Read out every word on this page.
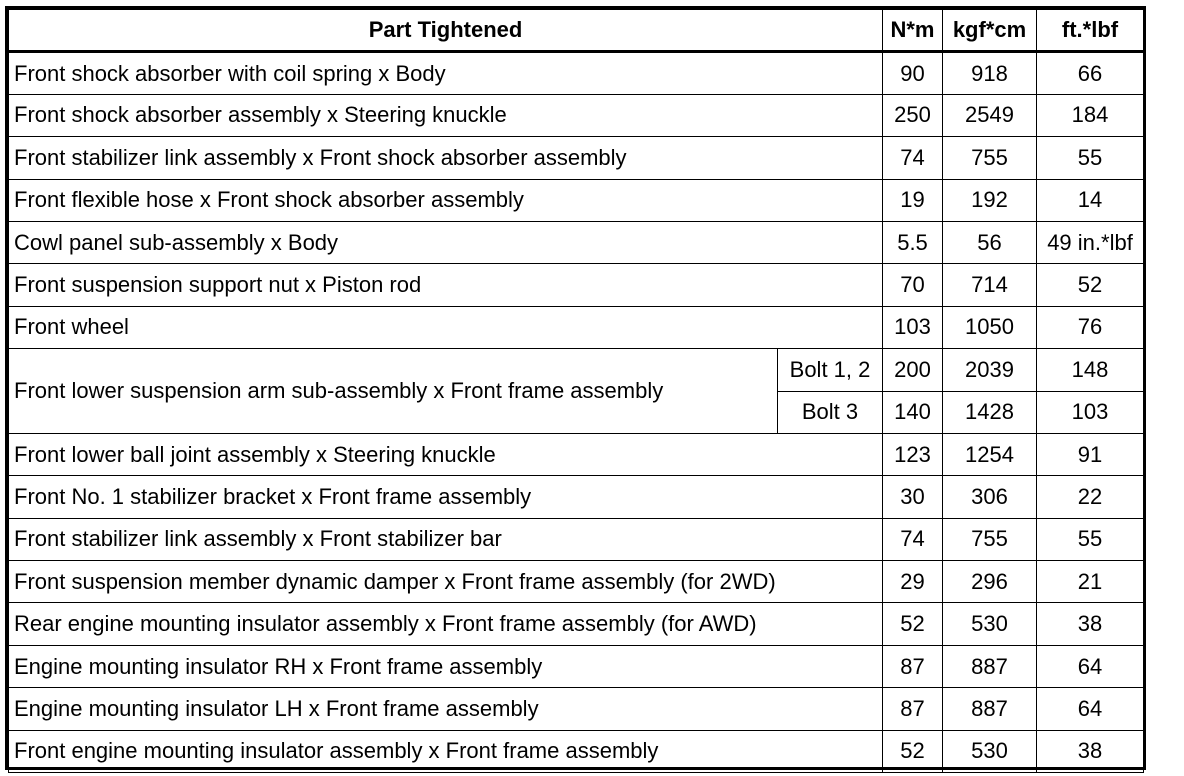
Part Tightened		N*m	kgf*cm	ft.*lbf
Front shock absorber with coil spring x Body		90	918	66
Front shock absorber assembly x Steering knuckle		250	2549	184
Front stabilizer link assembly x Front shock absorber assembly		74	755	55
Front flexible hose x Front shock absorber assembly		19	192	14
Cowl panel sub-assembly x Body		5.5	56	49 in.*lbf
Front suspension support nut x Piston rod		70	714	52
Front wheel		103	1050	76
Front lower suspension arm sub-assembly x Front frame assembly	Bolt 1, 2	200	2039	148
	Bolt 3	140	1428	103
Front lower ball joint assembly x Steering knuckle		123	1254	91
Front No. 1 stabilizer bracket x Front frame assembly		30	306	22
Front stabilizer link assembly x Front stabilizer bar		74	755	55
Front suspension member dynamic damper x Front frame assembly (for 2WD)		29	296	21
Rear engine mounting insulator assembly x Front frame assembly (for AWD)		52	530	38
Engine mounting insulator RH x Front frame assembly		87	887	64
Engine mounting insulator LH x Front frame assembly		87	887	64
Front engine mounting insulator assembly x Front frame assembly		52	530	38
